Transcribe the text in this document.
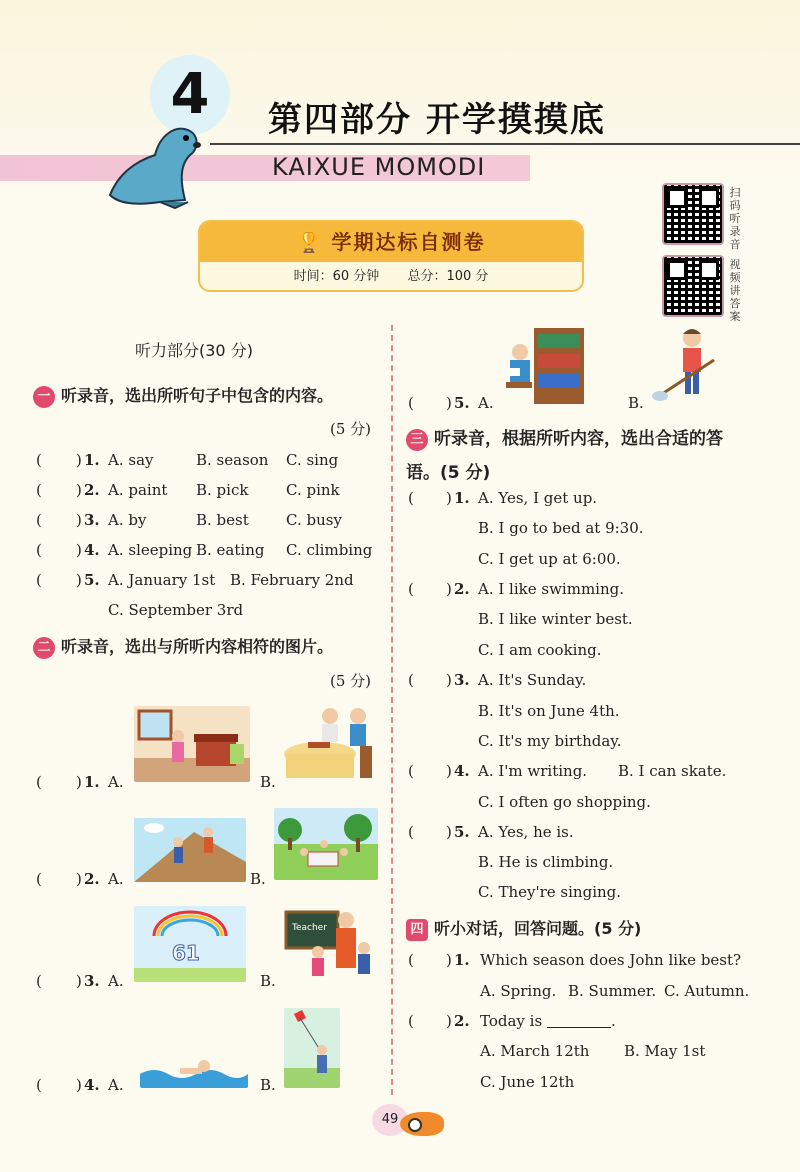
4	第四部分 开学摸摸底
KAIXUE MOMODI
扫码听录音
视频讲答案
🏆 学期达标自测卷
时间：60 分钟 总分：100 分
听力部分(30 分)
一 听录音，选出所听句子中包含的内容。
(5 分)
( ) 1. A. say	B. season C. sing
( ) 2. A. paint B. pick	C. pink
( ) 3. A. by	B. best C. busy
( ) 4. A. sleeping B. eating C. climbing
( ) 5. A. January 1st B. February 2nd
C. September 3rd
二 听录音，选出与所听内容相符的图片。
(5 分)
( ) 1. A.	B.
( ) 2. A.	B.
( ) 3. A.
61
B.
Teacher
( ) 4. A.	B.
( ) 5. A.	B.
三 听录音，根据所听内容，选出合适的答
语。(5 分)
( ) 1. A. Yes, I get up.
B. I go to bed at 9:30.
C. I get up at 6:00.
( ) 2. A. I like swimming.
B. I like winter best.
C. I am cooking.
( ) 3. A. It's Sunday.
B. It's on June 4th.
C. It's my birthday.
( ) 4. A. I'm writing. B. I can skate.
C. I often go shopping.
( ) 5. A. Yes, he is.
B. He is climbing.
C. They're singing.
四 听小对话，回答问题。(5 分)
( ) 1. Which season does John like best?
A. Spring. B. Summer. C. Autumn.
( ) 2. Today is	.
A. March 12th B. May 1st
C. June 12th
49
